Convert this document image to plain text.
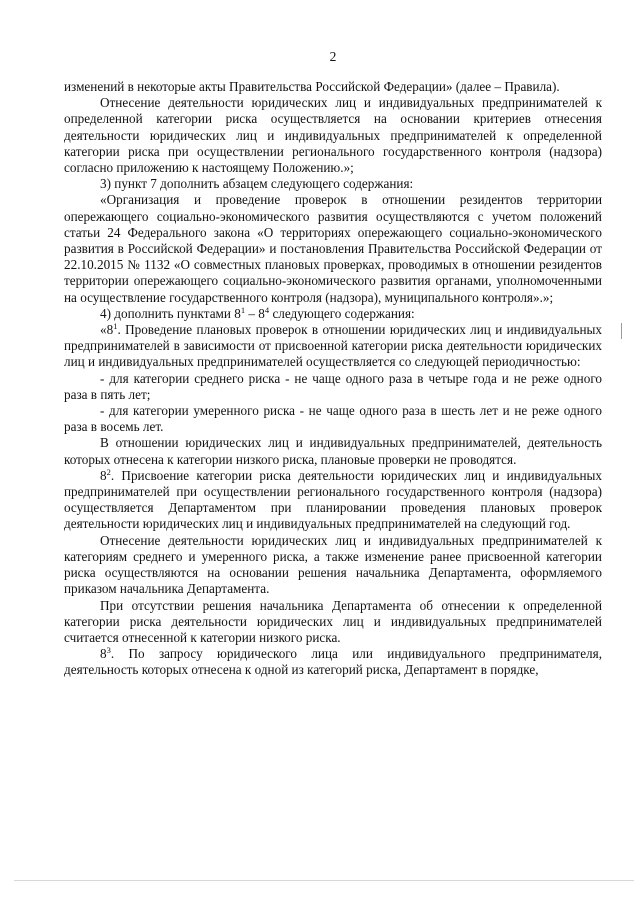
2

изменений в некоторые акты Правительства Российской Федерации» (далее – Правила).

Отнесение деятельности юридических лиц и индивидуальных предпринимателей к определенной категории риска осуществляется на основании критериев отнесения деятельности юридических лиц и индивидуальных предпринимателей к определенной категории риска при осуществлении регионального государственного контроля (надзора) согласно приложению к настоящему Положению.»;

3) пункт 7 дополнить абзацем следующего содержания:

«Организация и проведение проверок в отношении резидентов территории опережающего социально-экономического развития осуществляются с учетом положений статьи 24 Федерального закона «О территориях опережающего социально-экономического развития в Российской Федерации» и постановления Правительства Российской Федерации от 22.10.2015 № 1132 «О совместных плановых проверках, проводимых в отношении резидентов территории опережающего социально-экономического развития органами, уполномоченными на осуществление государственного контроля (надзора), муниципального контроля».»;

4) дополнить пунктами $8^1 - 8^4$ следующего содержания:

«$8^1$. Проведение плановых проверок в отношении юридических лиц и индивидуальных предпринимателей в зависимости от присвоенной категории риска деятельности юридических лиц и индивидуальных предпринимателей осуществляется со следующей периодичностью:

- для категории среднего риска - не чаще одного раза в четыре года и не реже одного раза в пять лет;

- для категории умеренного риска - не чаще одного раза в шесть лет и не реже одного раза в восемь лет.

В отношении юридических лиц и индивидуальных предпринимателей, деятельность которых отнесена к категории низкого риска, плановые проверки не проводятся.

$8^2$. Присвоение категории риска деятельности юридических лиц и индивидуальных предпринимателей при осуществлении регионального государственного контроля (надзора) осуществляется Департаментом при планировании проведения плановых проверок деятельности юридических лиц и индивидуальных предпринимателей на следующий год.

Отнесение деятельности юридических лиц и индивидуальных предпринимателей к категориям среднего и умеренного риска, а также изменение ранее присвоенной категории риска осуществляются на основании решения начальника Департамента, оформляемого приказом начальника Департамента.

При отсутствии решения начальника Департамента об отнесении к определенной категории риска деятельности юридических лиц и индивидуальных предпринимателей считается отнесенной к категории низкого риска.

$8^3$. По запросу юридического лица или индивидуального предпринимателя, деятельность которых отнесена к одной из категорий риска, Департамент в порядке,
